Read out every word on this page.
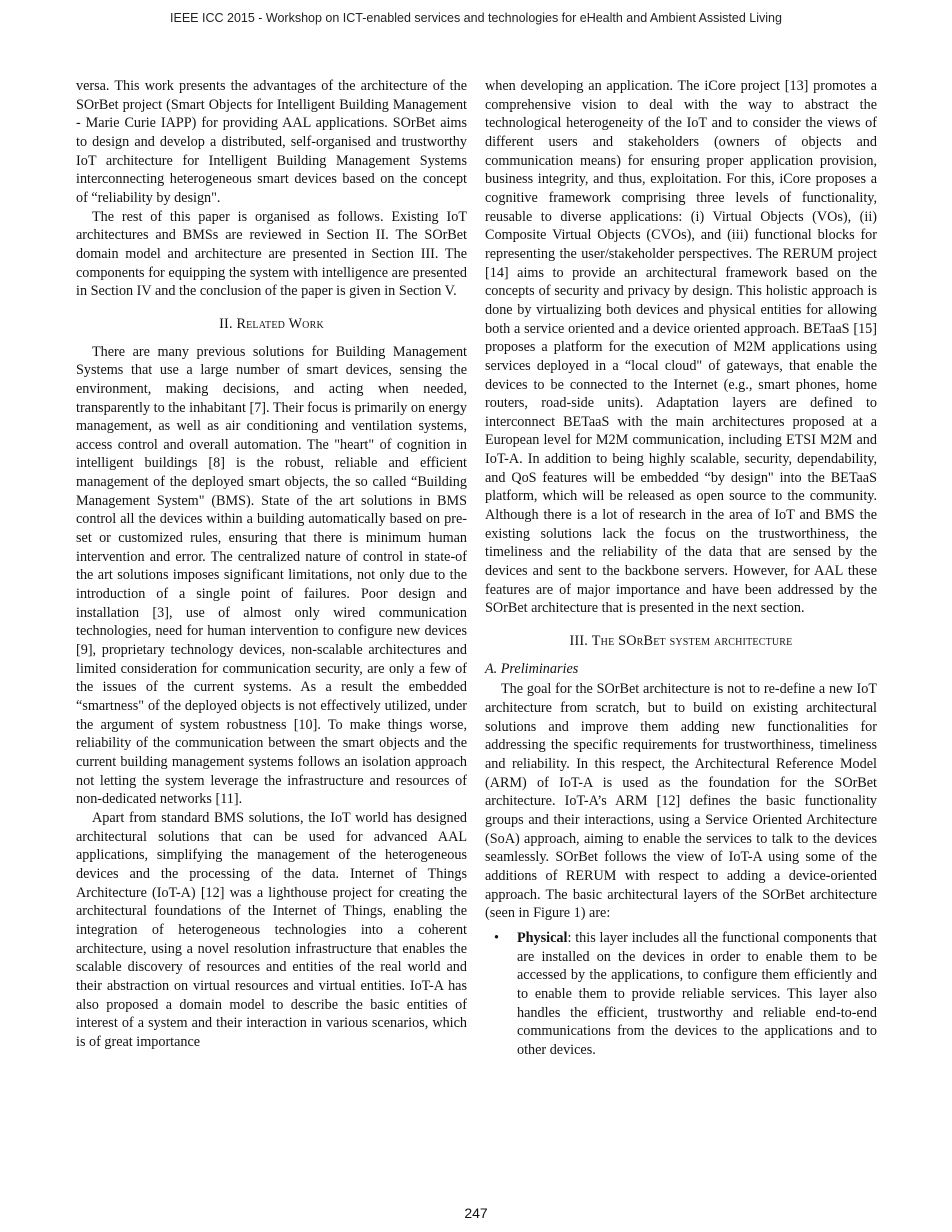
IEEE ICC 2015 - Workshop on ICT-enabled services and technologies for eHealth and Ambient Assisted Living

versa. This work presents the advantages of the architecture of the SOrBet project (Smart Objects for Intelligent Building Management - Marie Curie IAPP) for providing AAL applications. SOrBet aims to design and develop a distributed, self-organised and trustworthy IoT architecture for Intelligent Building Management Systems interconnecting heterogeneous smart devices based on the concept of “reliability by design".

The rest of this paper is organised as follows. Existing IoT architectures and BMSs are reviewed in Section II. The SOrBet domain model and architecture are presented in Section III. The components for equipping the system with intelligence are presented in Section IV and the conclusion of the paper is given in Section V.

II. Related Work

There are many previous solutions for Building Management Systems that use a large number of smart devices, sensing the environment, making decisions, and acting when needed, transparently to the inhabitant [7]. Their focus is primarily on energy management, as well as air conditioning and ventilation systems, access control and overall automation. The "heart" of cognition in intelligent buildings [8] is the robust, reliable and efficient management of the deployed smart objects, the so called “Building Management System" (BMS). State of the art solutions in BMS control all the devices within a building automatically based on pre-set or customized rules, ensuring that there is minimum human intervention and error. The centralized nature of control in state-of the art solutions imposes significant limitations, not only due to the introduction of a single point of failures. Poor design and installation [3], use of almost only wired communication technologies, need for human intervention to configure new devices [9], proprietary technology devices, non-scalable architectures and limited consideration for communication security, are only a few of the issues of the current systems. As a result the embedded “smartness" of the deployed objects is not effectively utilized, under the argument of system robustness [10]. To make things worse, reliability of the communication between the smart objects and the current building management systems follows an isolation approach not letting the system leverage the infrastructure and resources of non-dedicated networks [11].

Apart from standard BMS solutions, the IoT world has designed architectural solutions that can be used for advanced AAL applications, simplifying the management of the heterogeneous devices and the processing of the data. Internet of Things Architecture (IoT-A) [12] was a lighthouse project for creating the architectural foundations of the Internet of Things, enabling the integration of heterogeneous technologies into a coherent architecture, using a novel resolution infrastructure that enables the scalable discovery of resources and entities of the real world and their abstraction on virtual resources and virtual entities. IoT-A has also proposed a domain model to describe the basic entities of interest of a system and their interaction in various scenarios, which is of great importance

when developing an application. The iCore project [13] promotes a comprehensive vision to deal with the way to abstract the technological heterogeneity of the IoT and to consider the views of different users and stakeholders (owners of objects and communication means) for ensuring proper application provision, business integrity, and thus, exploitation. For this, iCore proposes a cognitive framework comprising three levels of functionality, reusable to diverse applications: (i) Virtual Objects (VOs), (ii) Composite Virtual Objects (CVOs), and (iii) functional blocks for representing the user/stakeholder perspectives. The RERUM project [14] aims to provide an architectural framework based on the concepts of security and privacy by design. This holistic approach is done by virtualizing both devices and physical entities for allowing both a service oriented and a device oriented approach. BETaaS [15] proposes a platform for the execution of M2M applications using services deployed in a “local cloud" of gateways, that enable the devices to be connected to the Internet (e.g., smart phones, home routers, road-side units). Adaptation layers are defined to interconnect BETaaS with the main architectures proposed at a European level for M2M communication, including ETSI M2M and IoT-A. In addition to being highly scalable, security, dependability, and QoS features will be embedded “by design" into the BETaaS platform, which will be released as open source to the community. Although there is a lot of research in the area of IoT and BMS the existing solutions lack the focus on the trustworthiness, the timeliness and the reliability of the data that are sensed by the devices and sent to the backbone servers. However, for AAL these features are of major importance and have been addressed by the SOrBet architecture that is presented in the next section.

III. The SOrBet system architecture
A. Preliminaries

The goal for the SOrBet architecture is not to re-define a new IoT architecture from scratch, but to build on existing architectural solutions and improve them adding new functionalities for addressing the specific requirements for trustworthiness, timeliness and reliability. In this respect, the Architectural Reference Model (ARM) of IoT-A is used as the foundation for the SOrBet architecture. IoT-A’s ARM [12] defines the basic functionality groups and their interactions, using a Service Oriented Architecture (SoA) approach, aiming to enable the services to talk to the devices seamlessly. SOrBet follows the view of IoT-A using some of the additions of RERUM with respect to adding a device-oriented approach. The basic architectural layers of the SOrBet architecture (seen in Figure 1) are:

• Physical: this layer includes all the functional components that are installed on the devices in order to enable them to be accessed by the applications, to configure them efficiently and to enable them to provide reliable services. This layer also handles the efficient, trustworthy and reliable end-to-end communications from the devices to the applications and to other devices.
247
